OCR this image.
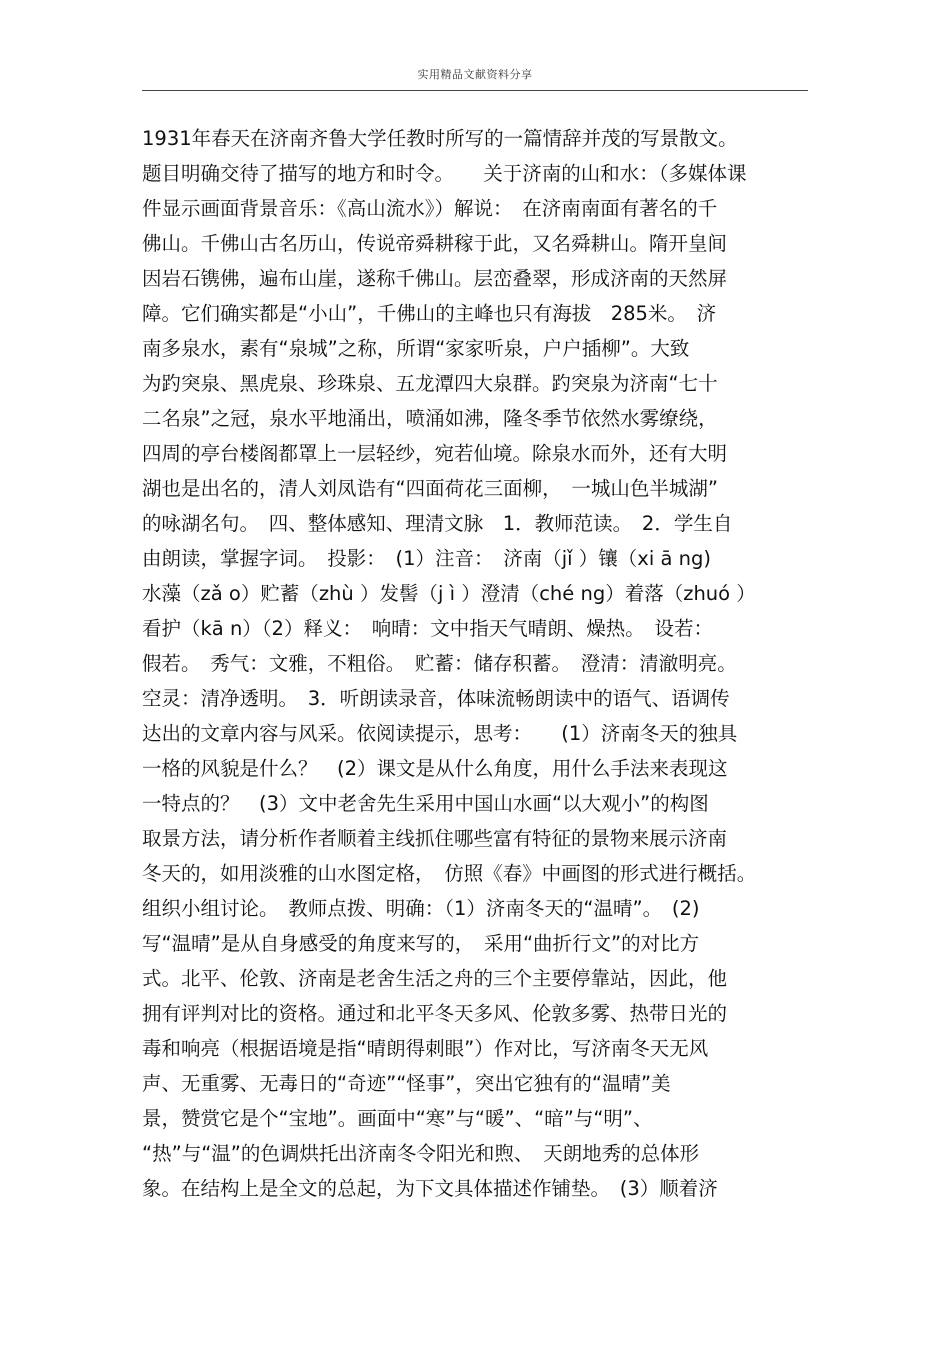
实用精品文献资料分享
1931年春天在济南齐鲁大学任教时所写的一篇情辞并茂的写景散文。
题目明确交待了描写的地方和时令。　　关于济南的山和水：（多媒体课
件显示画面背景音乐：《高山流水》）解说：　在济南南面有著名的千
佛山。千佛山古名历山，传说帝舜耕稼于此，又名舜耕山。隋开皇间
因岩石镌佛，遍布山崖，遂称千佛山。层峦叠翠，形成济南的天然屏
障。它们确实都是“小山”，千佛山的主峰也只有海拔　285米。　济
南多泉水，素有“泉城”之称，所谓“家家听泉，户户插柳”。大致
为趵突泉、黑虎泉、珍珠泉、五龙潭四大泉群。趵突泉为济南“七十
二名泉”之冠，泉水平地涌出，喷涌如沸，隆冬季节依然水雾缭绕，
四周的亭台楼阁都罩上一层轻纱，宛若仙境。除泉水而外，还有大明
湖也是出名的，清人刘凤诰有“四面荷花三面柳，　一城山色半城湖”
的咏湖名句。　四、整体感知、理清文脉　1．教师范读。　2．学生自
由朗读，掌握字词。　投影：　(1）注音：　济南（jǐ ）镶（xi ā ng)
水藻（zǎ o）贮蓄（zhù ）发髻（j ì ）澄清（ché ng）着落（zhuó ）
看护（kā n）（2）释义：　响晴：文中指天气晴朗、燥热。　设若：
假若。　秀气：文雅，不粗俗。　贮蓄：储存积蓄。　澄清：清澈明亮。
空灵：清净透明。　3．听朗读录音，体味流畅朗读中的语气、语调传
达出的文章内容与风采。依阅读提示，思考：　　(1）济南冬天的独具
一格的风貌是什么？　(2）课文是从什么角度，用什么手法来表现这
一特点的？　(3）文中老舍先生采用中国山水画“以大观小”的构图
取景方法，请分析作者顺着主线抓住哪些富有特征的景物来展示济南
冬天的，如用淡雅的山水图定格，　仿照《春》中画图的形式进行概括。
组织小组讨论。　教师点拨、明确：（1）济南冬天的“温晴”。　(2)
写“温晴”是从自身感受的角度来写的，　采用“曲折行文”的对比方
式。北平、伦敦、济南是老舍生活之舟的三个主要停靠站，因此，他
拥有评判对比的资格。通过和北平冬天多风、伦敦多雾、热带日光的
毒和响亮（根据语境是指“晴朗得刺眼”）作对比，写济南冬天无风
声、无重雾、无毒日的“奇迹”“怪事”，突出它独有的“温晴”美
景，赞赏它是个“宝地”。画面中“寒”与“暖”、“暗”与“明”、
“热”与“温”的色调烘托出济南冬令阳光和煦、　天朗地秀的总体形
象。在结构上是全文的总起，为下文具体描述作铺垫。　(3）顺着济
